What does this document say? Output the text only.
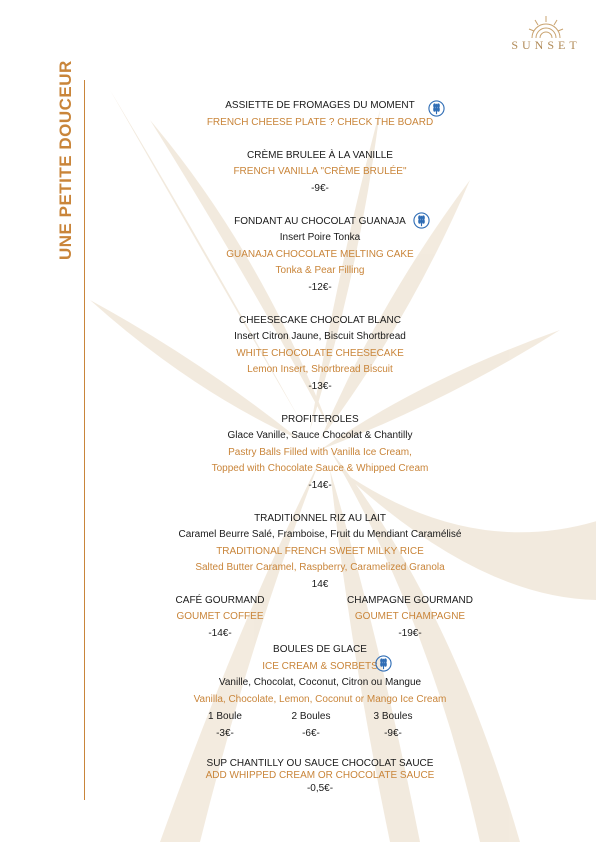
SUNSET
UNE PETITE DOUCEUR	ASSIETTE DE FROMAGES DU MOMENT
FRENCH CHEESE PLATE ? CHECK THE BOARD
CRÈME BRULEE À LA VANILLE
FRENCH VANILLA "CRÈME BRULÉE"
-9€-
FONDANT AU CHOCOLAT GUANAJA
Insert Poire Tonka
GUANAJA CHOCOLATE MELTING CAKE
Tonka & Pear Filling
-12€-
CHEESECAKE CHOCOLAT BLANC
Insert Citron Jaune, Biscuit Shortbread
WHITE CHOCOLATE CHEESECAKE
Lemon Insert, Shortbread Biscuit
-13€-
PROFITEROLES
Glace Vanille, Sauce Chocolat & Chantilly
Pastry Balls Filled with Vanilla Ice Cream,
Topped with Chocolate Sauce & Whipped Cream
-14€-
TRADITIONNEL RIZ AU LAIT
Caramel Beurre Salé, Framboise, Fruit du Mendiant Caramélisé
TRADITIONAL FRENCH SWEET MILKY RICE
Salted Butter Caramel, Raspberry, Caramelized Granola
14€
CAFÉ GOURMAND
GOUMET COFFEE
-14€-
CHAMPAGNE GOURMAND
GOUMET CHAMPAGNE
-19€-
BOULES DE GLACE
ICE CREAM & SORBETS
Vanille, Chocolat, Coconut, Citron ou Mangue
Vanilla, Chocolate, Lemon, Coconut or Mango Ice Cream
1 Boule
-3€-
2 Boules
-6€-
3 Boules
-9€-
SUP CHANTILLY OU SAUCE CHOCOLAT SAUCE
ADD WHIPPED CREAM OR CHOCOLATE SAUCE
-0,5€-
